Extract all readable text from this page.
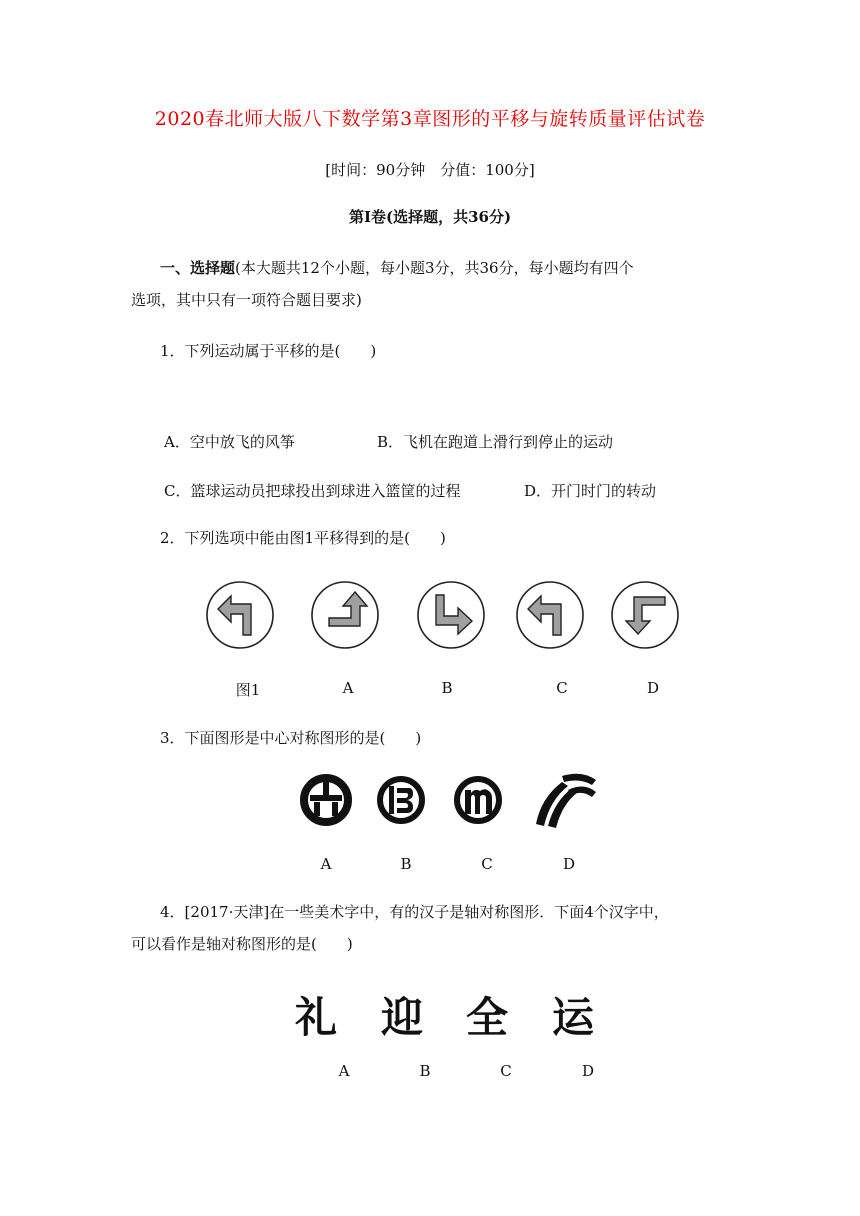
2020春北师大版八下数学第3章图形的平移与旋转质量评估试卷
[时间：90分钟　分值：100分]
第Ⅰ卷(选择题，共36分)
一、选择题(本大题共12个小题，每小题3分，共36分，每小题均有四个
选项，其中只有一项符合题目要求)
1．下列运动属于平移的是(　　)
A．空中放飞的风筝	B．飞机在跑道上滑行到停止的运动
C．篮球运动员把球投出到球进入篮筐的过程	D．开门时门的转动
2．下列选项中能由图1平移得到的是(　　)
图1	A	B	C	D
3．下面图形是中心对称图形的是(　　)
A	B	C	D
4．[2017·天津]在一些美术字中，有的汉子是轴对称图形．下面4个汉字中，
可以看作是轴对称图形的是(　　)
礼 迎 全 运
A	B	C	D
